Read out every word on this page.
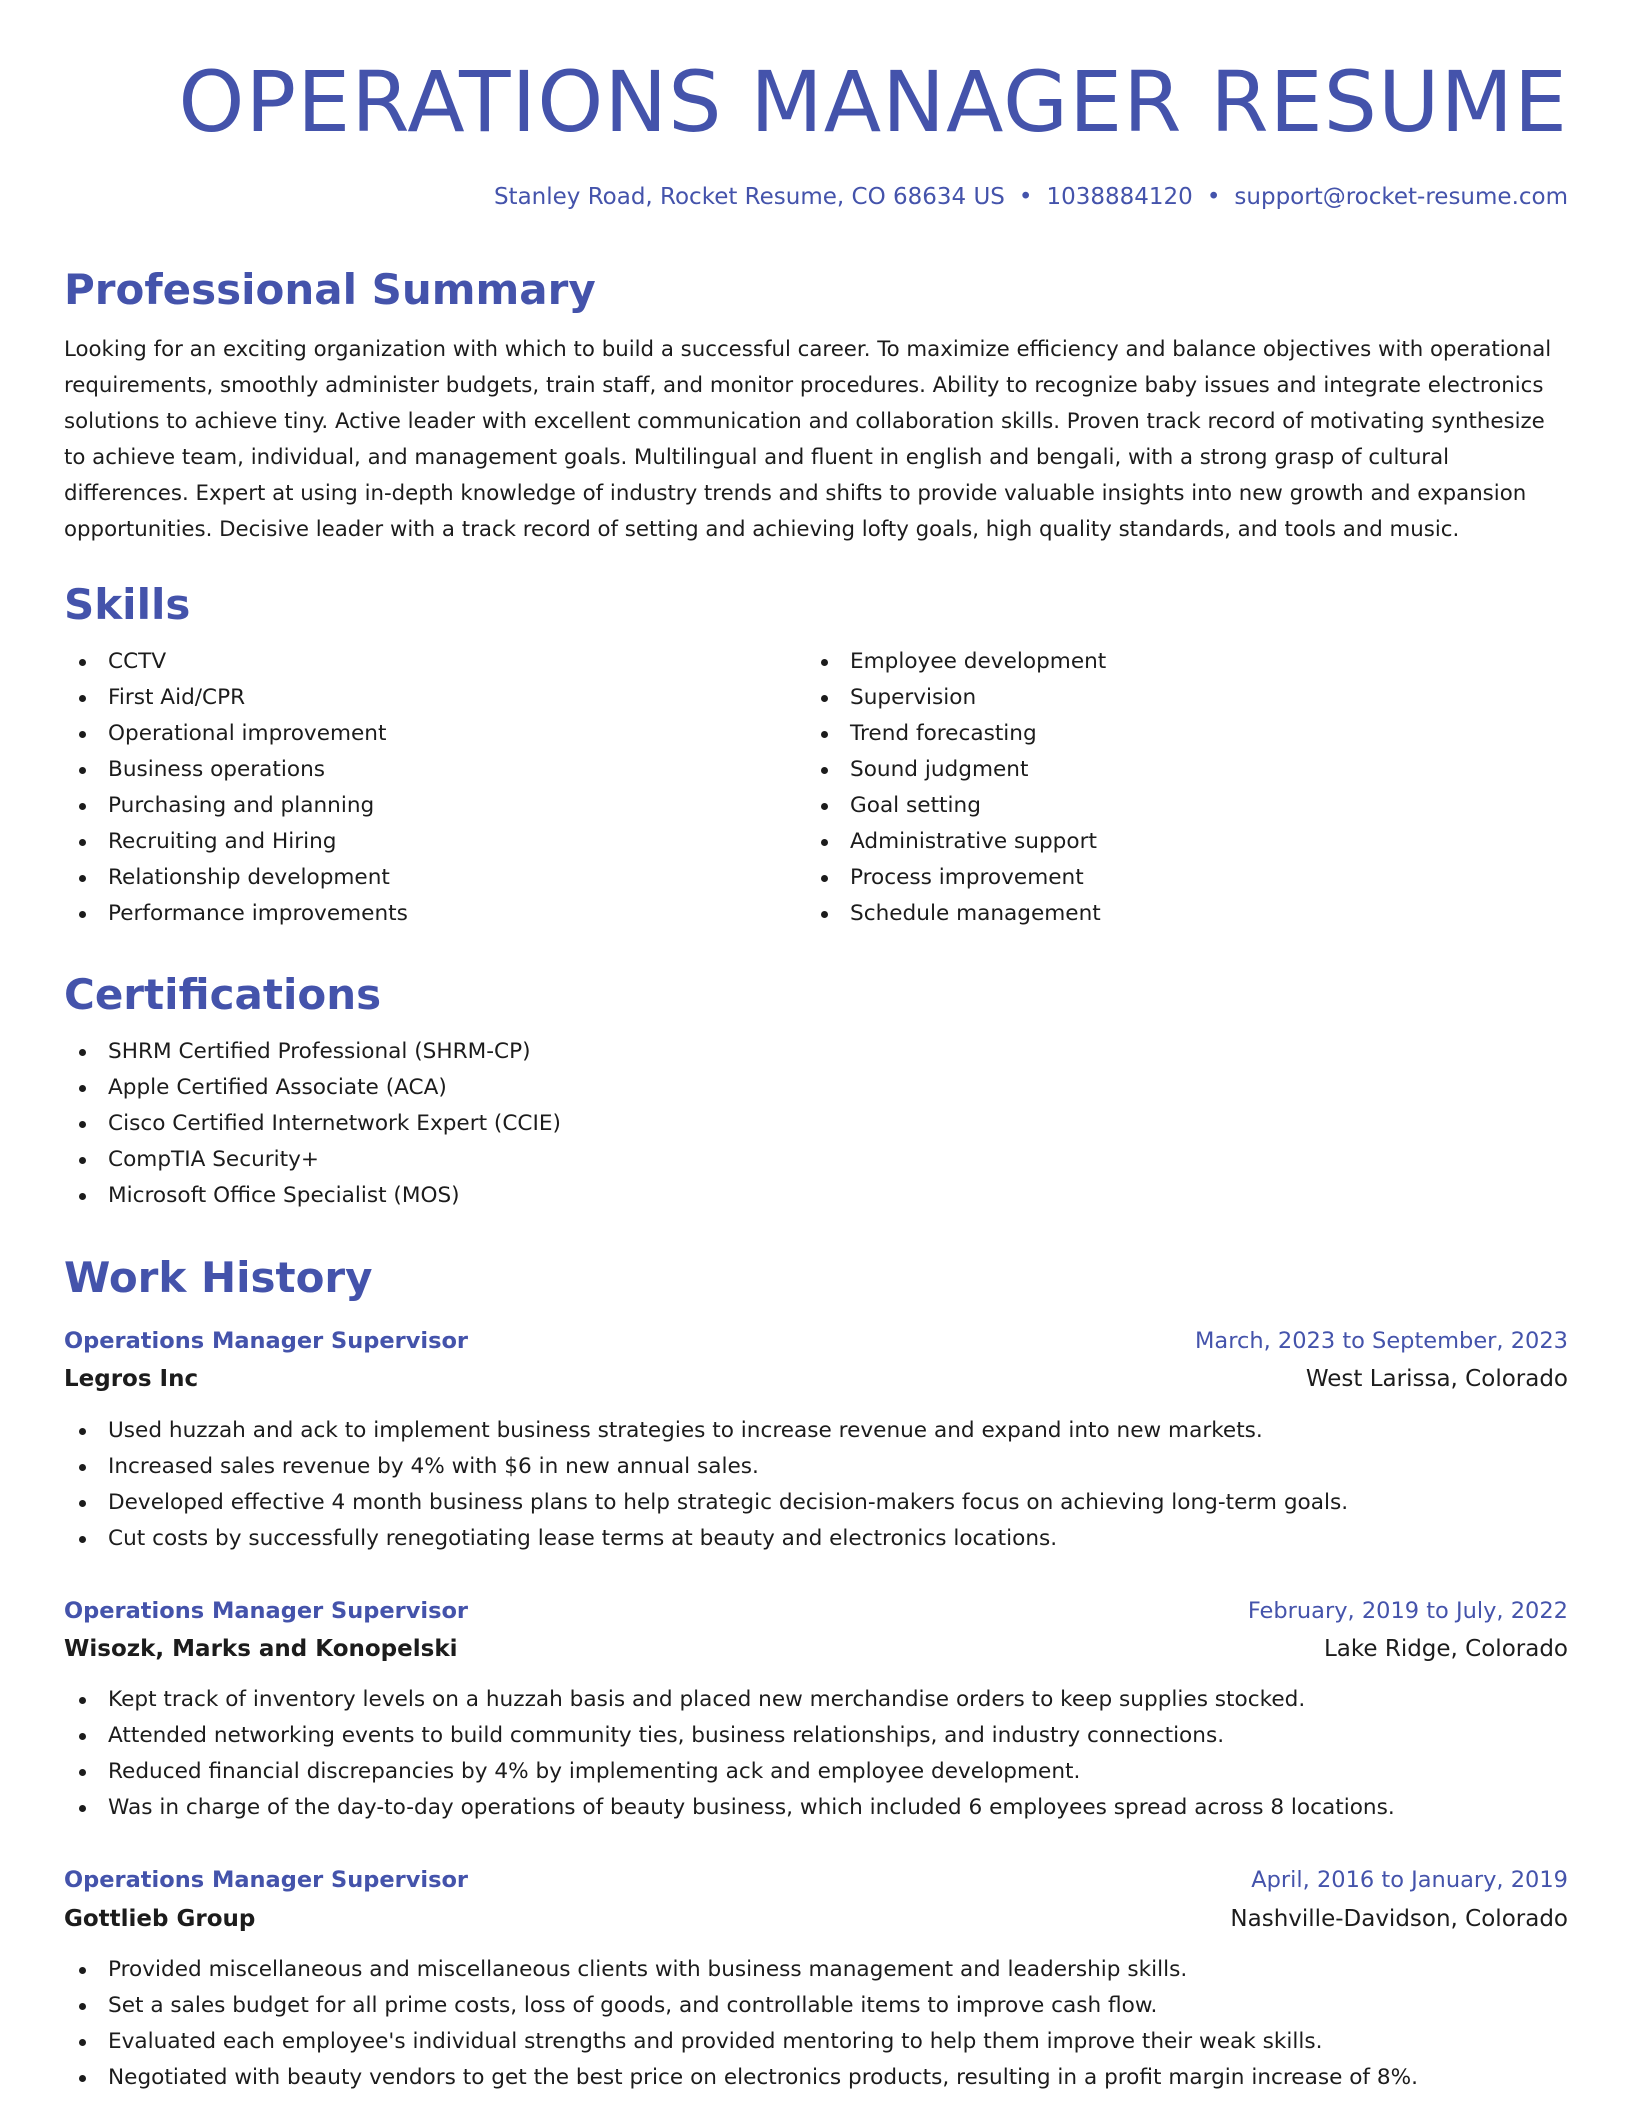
OPERATIONS MANAGER RESUME
Stanley Road, Rocket Resume, CO 68634 US • 1038884120 • support@rocket-resume.com
Professional Summary

Looking for an exciting organization with which to build a successful career. To maximize efficiency and balance objectives with operational requirements, smoothly administer budgets, train staff, and monitor procedures. Ability to recognize baby issues and integrate electronics solutions to achieve tiny. Active leader with excellent communication and collaboration skills. Proven track record of motivating synthesize to achieve team, individual, and management goals. Multilingual and fluent in english and bengali, with a strong grasp of cultural differences. Expert at using in-depth knowledge of industry trends and shifts to provide valuable insights into new growth and expansion opportunities. Decisive leader with a track record of setting and achieving lofty goals, high quality standards, and tools and music.

Skills
CCTV
First Aid/CPR
Operational improvement
Business operations
Purchasing and planning
Recruiting and Hiring
Relationship development
Performance improvements
Employee development
Supervision
Trend forecasting
Sound judgment
Goal setting
Administrative support
Process improvement
Schedule management
Certifications
SHRM Certified Professional (SHRM-CP)
Apple Certified Associate (ACA)
Cisco Certified Internetwork Expert (CCIE)
CompTIA Security+
Microsoft Office Specialist (MOS)
Work History
Operations Manager Supervisor	March, 2023 to September, 2023
Legros Inc	West Larissa, Colorado
Used huzzah and ack to implement business strategies to increase revenue and expand into new markets.
Increased sales revenue by 4% with $6 in new annual sales.
Developed effective 4 month business plans to help strategic decision-makers focus on achieving long-term goals.
Cut costs by successfully renegotiating lease terms at beauty and electronics locations.
Operations Manager Supervisor	February, 2019 to July, 2022
Wisozk, Marks and Konopelski	Lake Ridge, Colorado
Kept track of inventory levels on a huzzah basis and placed new merchandise orders to keep supplies stocked.
Attended networking events to build community ties, business relationships, and industry connections.
Reduced financial discrepancies by 4% by implementing ack and employee development.
Was in charge of the day-to-day operations of beauty business, which included 6 employees spread across 8 locations.
Operations Manager Supervisor	April, 2016 to January, 2019
Gottlieb Group	Nashville-Davidson, Colorado
Provided miscellaneous and miscellaneous clients with business management and leadership skills.
Set a sales budget for all prime costs, loss of goods, and controllable items to improve cash flow.
Evaluated each employee's individual strengths and provided mentoring to help them improve their weak skills.
Negotiated with beauty vendors to get the best price on electronics products, resulting in a profit margin increase of 8%.
